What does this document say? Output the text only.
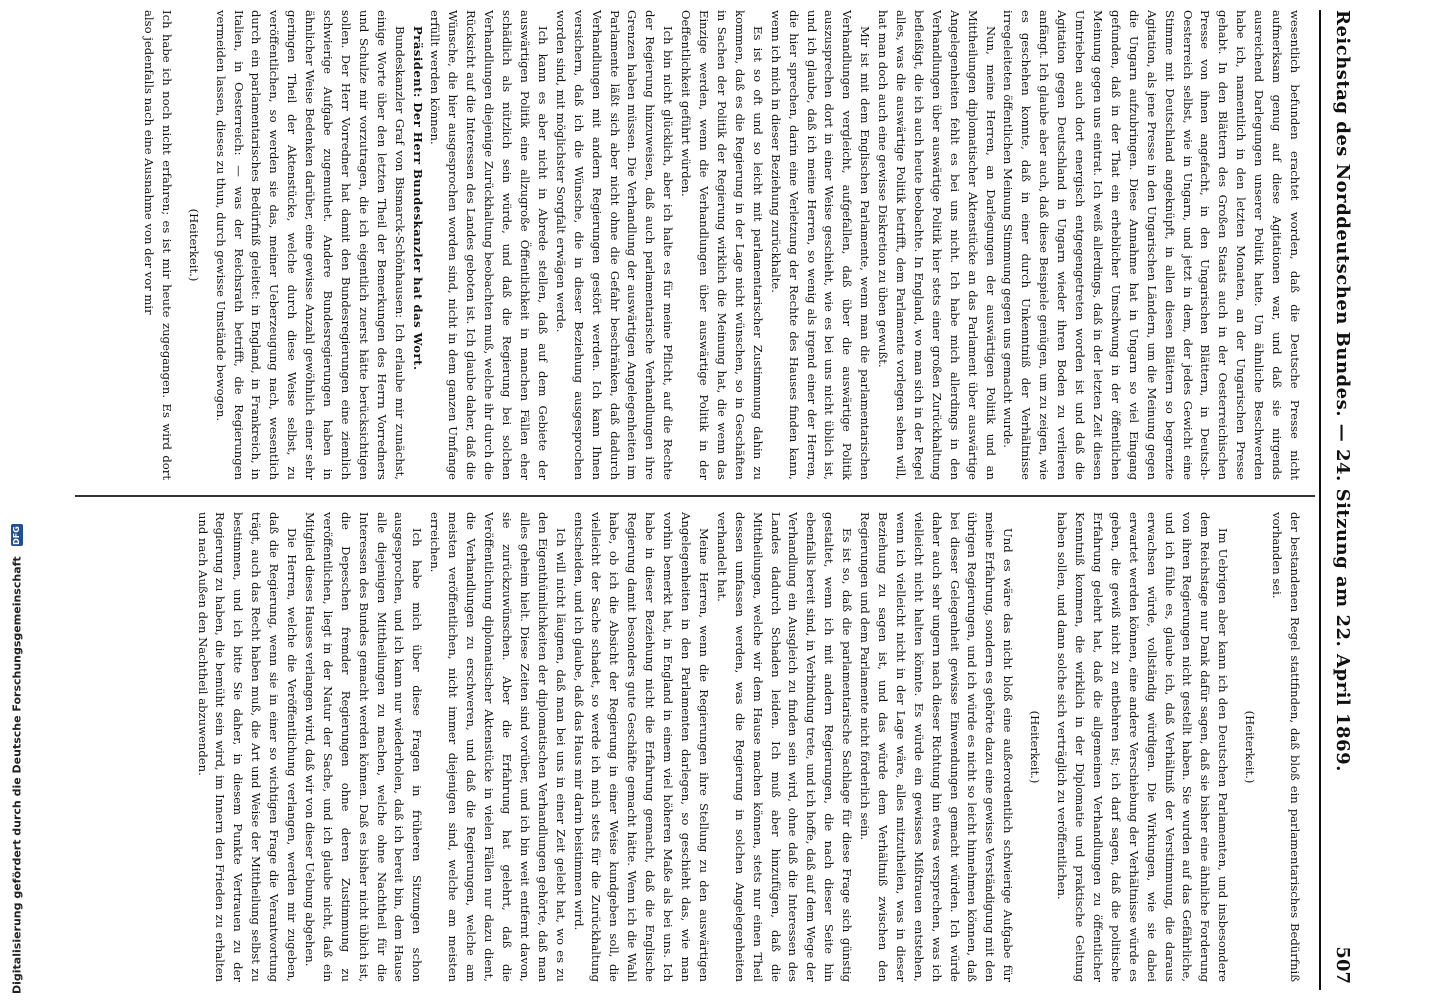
Reichstag des Norddeutschen Bundes. — 24. Sitzung am 22. April 1869.
507

wesentlich befunden erachtet worden, daß die Deutsche Presse nicht aufmerksam genug auf diese Agitationen war, und daß sie nirgends ausreichend Darlegungen unserer Politik hatte. Um ähnliche Beschwerden habe ich, namentlich in den letzten Monaten, an der Ungarischen Presse gehabt. In den Blättern des Großen Staats auch in der Oesterreichischen Presse von ihnen angefacht, in den Ungarischen Blättern, in Deutsch-Oesterreich selbst, wie in Ungarn, und jetzt in dem, der jedes Gewicht eine Stimme mit Deutschland angeknüpft, in allen diesen Blättern so begrenzte Agitation, als jene Presse in den Ungarischen Ländern, um die Meinung gegen die Ungarn aufzubringen. Diese Annahme hat in Ungarn so viel Eingang gefunden, daß in der That ein erheblicher Umschwung in der öffentlichen Meinung gegen uns eintrat. Ich weiß allerdings, daß in der letzten Zeit diesen Umtrieben auch dort energisch entgegengetreten worden ist und daß die Agitation gegen Deutschland in Ungarn wieder ihren Boden zu verlieren anfängt. Ich glaube aber auch, daß diese Beispiele genügen, um zu zeigen, wie es geschehen konnte, daß in einer durch Unkenntniß der Verhältnisse irregeleiteten öffentlichen Meinung Stimmung gegen uns gemacht wurde.

Nun, meine Herren, an Darlegungen der auswärtigen Politik und an Mittheilungen diplomatischer Aktenstücke an das Parlament über auswärtige Angelegenheiten fehlt es bei uns nicht. Ich habe mich allerdings in den Verhandlungen über auswärtige Politik hier stets einer großen Zurückhaltung befleißigt, die ich auch heute beobachte. In England, wo man sich in der Regel alles, was die auswärtige Politik betrifft, dem Parlamente vorlegen sehen will, hat man doch auch eine gewisse Diskretion zu üben gewußt.

Mir ist mit dem Englischen Parlamente, wenn man die parlamentarischen Verhandlungen vergleicht, aufgefallen, daß über die auswärtige Politik auszusprechen dort in einer Weise geschieht, wie es bei uns nicht üblich ist, und ich glaube, daß ich meine Herren, so wenig als irgend einer der Herren, die hier sprechen, darin eine Verletzung der Rechte des Hauses finden kann, wenn ich mich in dieser Beziehung zurückhalte.

Es ist so oft und so leicht mit parlamentarischer Zustimmung dahin zu kommen, daß es die Regierung in der Lage nicht wünschen, so in Geschäften in Sachen der Politik der Regierung wirklich die Meinung hat, die wenn das Einzige werden, wenn die Verhandlungen über auswärtige Politik in der Oeffentlichkeit geführt würden.

Ich bin nicht glücklich, aber ich halte es für meine Pflicht, auf die Rechte der Regierung hinzuweisen, daß auch parlamentarische Verhandlungen ihre Grenzen haben müssen. Die Verhandlung der auswärtigen Angelegenheiten im Parlamente läßt sich aber nicht ohne die Gefahr beschränken, daß dadurch Verhandlungen mit andern Regierungen gestört werden. Ich kann Ihnen versichern, daß ich die Wünsche, die in dieser Beziehung ausgesprochen worden sind, mit möglichster Sorgfalt erwägen werde.

Ich kann es aber nicht in Abrede stellen, daß auf dem Gebiete der auswärtigen Politik eine allzugroße Öffentlichkeit in manchen Fällen eher schädlich als nützlich sein würde, und daß die Regierung bei solchen Verhandlungen diejenige Zurückhaltung beobachten muß, welche ihr durch die Rücksicht auf die Interessen des Landes geboten ist. Ich glaube daher, daß die Wünsche, die hier ausgesprochen worden sind, nicht in dem ganzen Umfange erfüllt werden können.

Präsident: Der Herr Bundeskanzler hat das Wort.

Bundeskanzler Graf von Bismarck-Schönhausen: Ich erlaube mir zunächst, einige Worte über den letzten Theil der Bemerkungen des Herrn Vorredners und Schulze mir vorzutragen, die ich eigentlich zuerst hätte berücksichtigen sollen. Der Herr Vorredner hat damit den Bundesregierungen eine ziemlich schwierige Aufgabe zugemuthet. Andere Bundesregierungen haben in ähnlicher Weise Bedenken darüber, eine gewisse Anzahl gewöhnlich einer sehr geringen Theil der Aktenstücke, welche durch diese Weise selbst, zu veröffentlichen, so werden sie das, meiner Ueberzeugung nach, wesentlich durch ein parlamentarisches Bedürfniß geleitet: in England, in Frankreich, in Italien, in Oesterreich: — was der Reichsrath betrifft, die Regierungen vermeiden lassen, dieses zu thun, durch gewisse Umstände bewogen.

(Heiterkeit.)

Ich habe ich noch nicht erfahren; es ist mir heute zugegangen. Es wird dort also jedenfalls nach eine Ausnahme von der vor mir

der bestandenen Regel stattfinden, daß bloß ein parlamentarisches Bedürfniß vorhanden sei.

(Heiterkeit.)

Im Uebrigen aber kann ich den Deutschen Parlamenten, und insbesondere dem Reichstage nur Dank dafür sagen, daß sie bisher eine ähnliche Forderung von ihren Regierungen nicht gestellt haben. Sie wurden auf das Gefährliche, und ich fühle es, glaube ich, daß Verhältniß der Verstimmung, die daraus erwachsen würde, vollständig würdigen. Die Wirkungen, wie sie dabei erwartet werden können, eine andere Verschiebung der Verhältnisse würde es geben, die gewiß nicht zu entbehren ist; ich darf sagen, daß die politische Erfahrung gelehrt hat, daß die allgemeinen Verhandlungen zu öffentlicher Kenntniß kommen, die wirklich in der Diplomatie und praktische Geltung haben sollen, und dann solche sich verträglich zu veröffentlichen.

(Heiterkeit.)

Und es wäre das nicht bloß eine außerordentlich schwierige Aufgabe für meine Erfahrung, sondern es gehörte dazu eine gewisse Verständigung mit den übrigen Regierungen, und ich würde es nicht so leicht hinnehmen können, daß bei dieser Gelegenheit gewisse Einwendungen gemacht würden. Ich würde daher auch sehr ungern nach dieser Richtung hin etwas versprechen, was ich vielleicht nicht halten könnte. Es würde ein gewisses Mißtrauen entstehen, wenn ich vielleicht nicht in der Lage wäre, alles mitzutheilen, was in dieser Beziehung zu sagen ist, und das würde dem Verhältniß zwischen den Regierungen und dem Parlamente nicht förderlich sein.

Es ist so, daß die parlamentarische Sachlage für diese Frage sich günstig gestaltet, wenn ich mit andern Regierungen, die nach dieser Seite hin ebenfalls bereit sind, in Verbindung trete, und ich hoffe, daß auf dem Wege der Verhandlung ein Ausgleich zu finden sein wird, ohne daß die Interessen des Landes dadurch Schaden leiden. Ich muß aber hinzufügen, daß die Mittheilungen, welche wir dem Hause machen können, stets nur einen Theil dessen umfassen werden, was die Regierung in solchen Angelegenheiten verhandelt hat.

Meine Herren, wenn die Regierungen ihre Stellung zu den auswärtigen Angelegenheiten in den Parlamenten darlegen, so geschieht das, wie man vorhin bemerkt hat, in England in einem viel höheren Maße als bei uns. Ich habe in dieser Beziehung nicht die Erfahrung gemacht, daß die Englische Regierung damit besonders gute Geschäfte gemacht hätte. Wenn ich die Wahl habe, ob ich die Absicht der Regierung in einer Weise kundgeben soll, die vielleicht der Sache schadet, so werde ich mich stets für die Zurückhaltung entscheiden, und ich glaube, daß das Haus mir darin beistimmen wird.

Ich will nicht läugnen, daß man bei uns in einer Zeit gelebt hat, wo es zu den Eigenthümlichkeiten der diplomatischen Verhandlungen gehörte, daß man alles geheim hielt. Diese Zeiten sind vorüber, und ich bin weit entfernt davon, sie zurückzuwünschen. Aber die Erfahrung hat gelehrt, daß die Veröffentlichung diplomatischer Aktenstücke in vielen Fällen nur dazu dient, die Verhandlungen zu erschweren, und daß die Regierungen, welche am meisten veröffentlichen, nicht immer diejenigen sind, welche am meisten erreichen.

Ich habe mich über diese Fragen in früheren Sitzungen schon ausgesprochen, und ich kann nur wiederholen, daß ich bereit bin, dem Hause alle diejenigen Mittheilungen zu machen, welche ohne Nachtheil für die Interessen des Bundes gemacht werden können. Daß es bisher nicht üblich ist, die Depeschen fremder Regierungen ohne deren Zustimmung zu veröffentlichen, liegt in der Natur der Sache, und ich glaube nicht, daß ein Mitglied dieses Hauses verlangen wird, daß wir von dieser Uebung abgehen.

Die Herren, welche die Veröffentlichung verlangen, werden mir zugeben, daß die Regierung, wenn sie in einer so wichtigen Frage die Verantwortung trägt, auch das Recht haben muß, die Art und Weise der Mittheilung selbst zu bestimmen, und ich bitte Sie daher, in diesem Punkte Vertrauen zu der Regierung zu haben, die bemüht sein wird, im Innern den Frieden zu erhalten und nach Außen den Nachtheil abzuwenden.

Digitalisierung gefördert durch die Deutsche Forschungsgemeinschaft DFG
